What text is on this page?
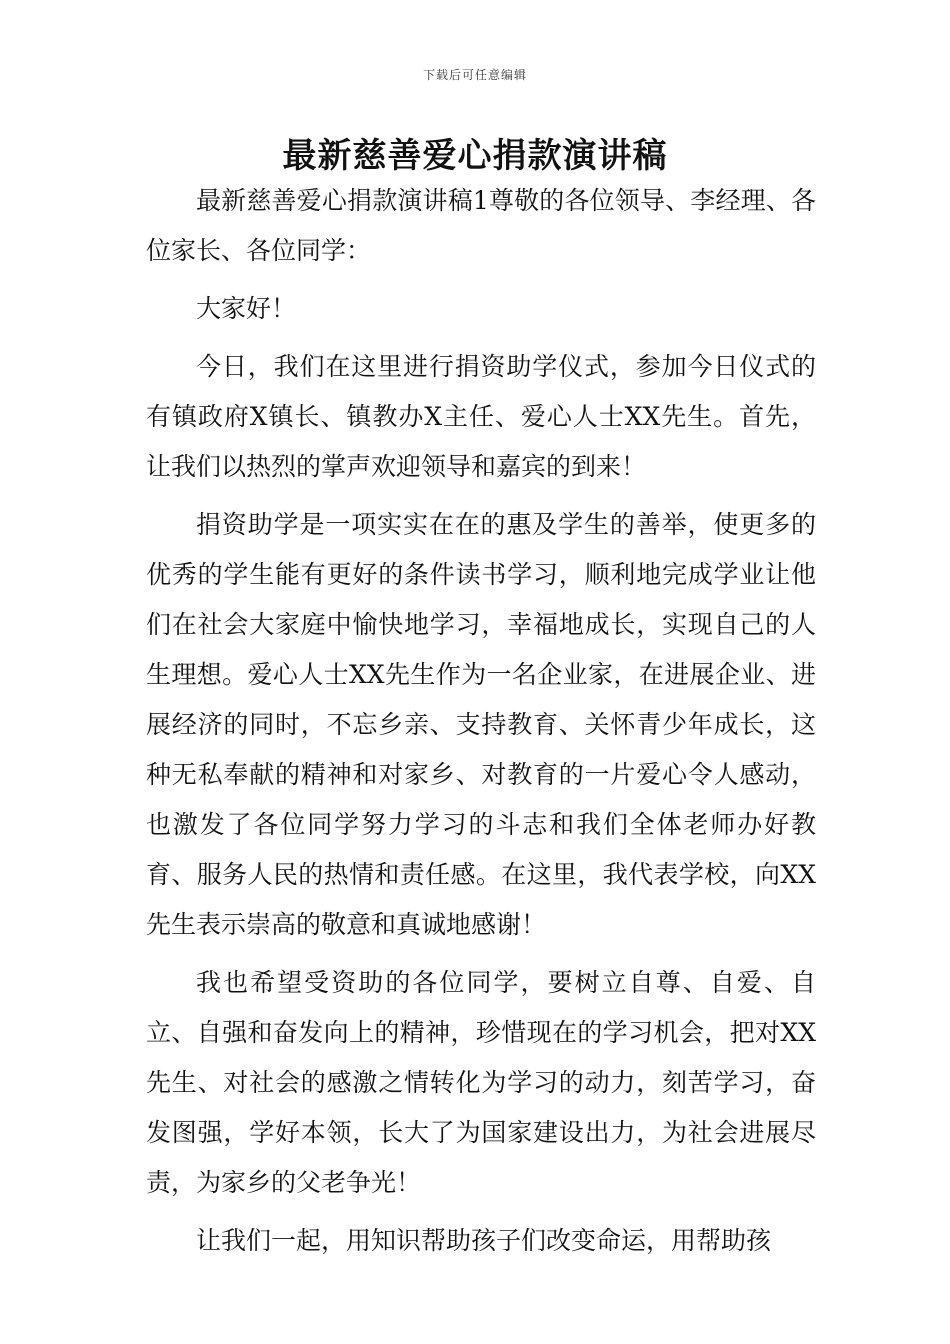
下载后可任意编辑
最新慈善爱心捐款演讲稿

最新慈善爱心捐款演讲稿1尊敬的各位领导、李经理、各位家长、各位同学：

大家好！

今日，我们在这里进行捐资助学仪式，参加今日仪式的有镇政府X镇长、镇教办X主任、爱心人士XX先生。首先，让我们以热烈的掌声欢迎领导和嘉宾的到来！

捐资助学是一项实实在在的惠及学生的善举，使更多的优秀的学生能有更好的条件读书学习，顺利地完成学业让他们在社会大家庭中愉快地学习，幸福地成长，实现自己的人生理想。爱心人士XX先生作为一名企业家，在进展企业、进展经济的同时，不忘乡亲、支持教育、关怀青少年成长，这种无私奉献的精神和对家乡、对教育的一片爱心令人感动，也激发了各位同学努力学习的斗志和我们全体老师办好教育、服务人民的热情和责任感。在这里，我代表学校，向XX先生表示崇高的敬意和真诚地感谢！

我也希望受资助的各位同学，要树立自尊、自爱、自立、自强和奋发向上的精神，珍惜现在的学习机会，把对XX先生、对社会的感激之情转化为学习的动力，刻苦学习，奋发图强，学好本领，长大了为国家建设出力，为社会进展尽责，为家乡的父老争光！

让我们一起，用知识帮助孩子们改变命运，用帮助孩
